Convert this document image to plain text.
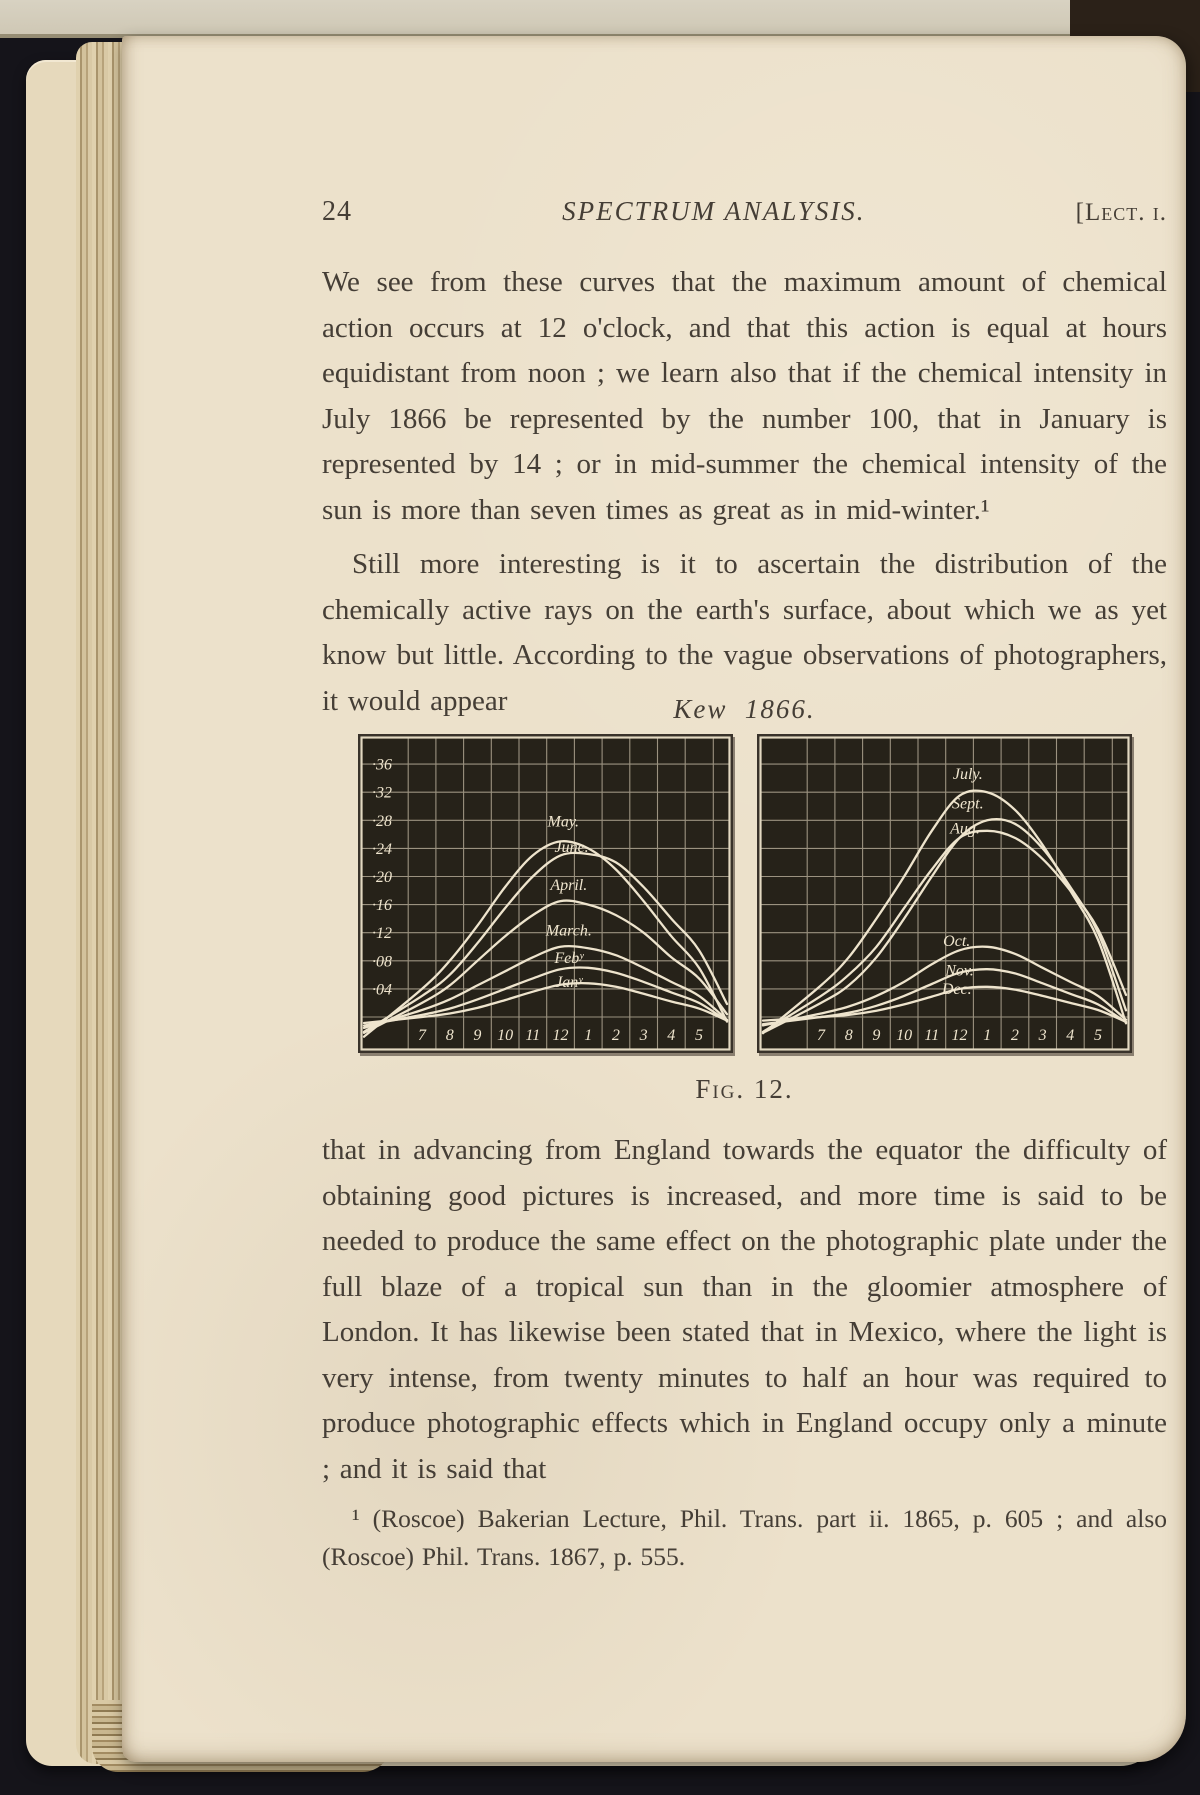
24	SPECTRUM ANALYSIS.	[Lect. i.

We see from these curves that the maximum amount of chemical action occurs at 12 o'clock, and that this action is equal at hours equidistant from noon ; we learn also that if the chemical intensity in July 1866 be represented by the number 100, that in January is represented by 14 ; or in mid-summer the chemical intensity of the sun is more than seven times as great as in mid-winter.¹

Still more interesting is it to ascertain the distribution of the chemically active rays on the earth's surface, about which we as yet know but little. According to the vague observations of photographers, it would appear	Kew  1866.
May.
June.
April.
March.
Febʸ
Janʸ
·36
·32
·28
·24
·20
·16
·12
·08
·04
7 8 9 10 11 12 1 2 3 4 5
July.
Sept.
Aug.
Oct.
Nov.
Dec.
7 8 9 10 11 12 1 2 3 4 5
Fig. 12.

that in advancing from England towards the equator the difficulty of obtaining good pictures is increased, and more time is said to be needed to produce the same effect on the photographic plate under the full blaze of a tropical sun than in the gloomier atmosphere of London. It has likewise been stated that in Mexico, where the light is very intense, from twenty minutes to half an hour was required to produce photographic effects which in England occupy only a minute ; and it is said that

¹ (Roscoe) Bakerian Lecture, Phil. Trans. part ii. 1865, p. 605 ; and also (Roscoe) Phil. Trans. 1867, p. 555.
